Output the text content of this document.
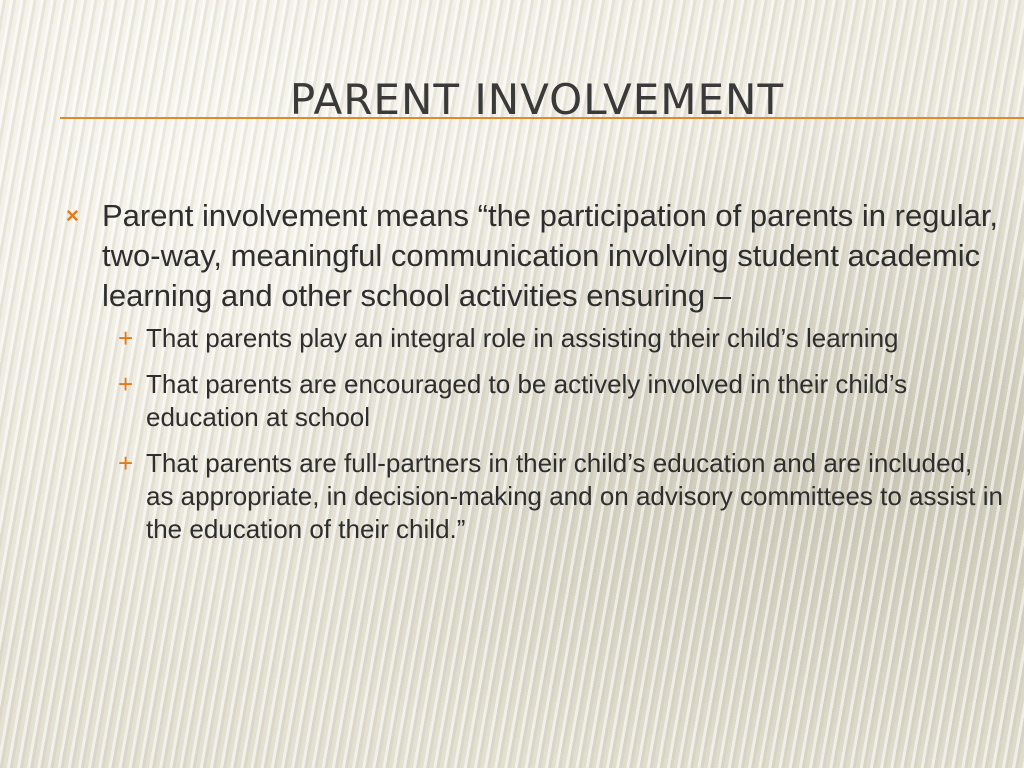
PARENT INVOLVEMENT
× Parent involvement means “the participation of parents in regular, two-way, meaningful communication involving student academic learning and other school activities ensuring –
+ That parents play an integral role in assisting their child’s learning
+ That parents are encouraged to be actively involved in their child’s education at school
+ That parents are full-partners in their child’s education and are included, as appropriate, in decision-making and on advisory committees to assist in the education of their child.”
